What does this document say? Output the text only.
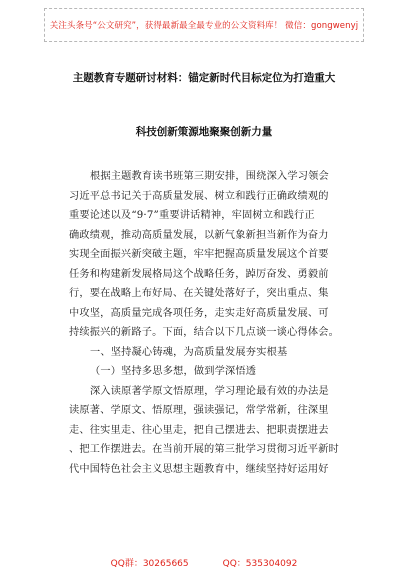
关注头条号“公文研究”，获得最新最全最专业的公文资料库！ 微信：gongwenyj
主题教育专题研讨材料：锚定新时代目标定位为打造重大
科技创新策源地聚聚创新力量
根据主题教育读书班第三期安排，围绕深入学习领会
习近平总书记关于高质量发展、树立和践行正确政绩观的
重要论述以及“9·7”重要讲话精神，牢固树立和践行正
确政绩观，推动高质量发展，以新气象新担当新作为奋力
实现全面振兴新突破主题，牢牢把握高质量发展这个首要
任务和构建新发展格局这个战略任务，踔厉奋发、勇毅前
行，要在战略上布好局、在关键处落好子，突出重点、集
中攻坚，高质量完成各项任务，走实走好高质量发展、可
持续振兴的新路子。下面，结合以下几点谈一谈心得体会。
一、坚持凝心铸魂，为高质量发展夯实根基
（一）坚持多思多想，做到学深悟透
深入读原著学原文悟原理，学习理论最有效的办法是
读原著、学原文、悟原理，强读强记，常学常新，往深里
走、往实里走、往心里走，把自己摆进去、把职责摆进去
、把工作摆进去。在当前开展的第三批学习贯彻习近平新时
代中国特色社会主义思想主题教育中，继续坚持好运用好
QQ群：30265665	QQ：535304092
